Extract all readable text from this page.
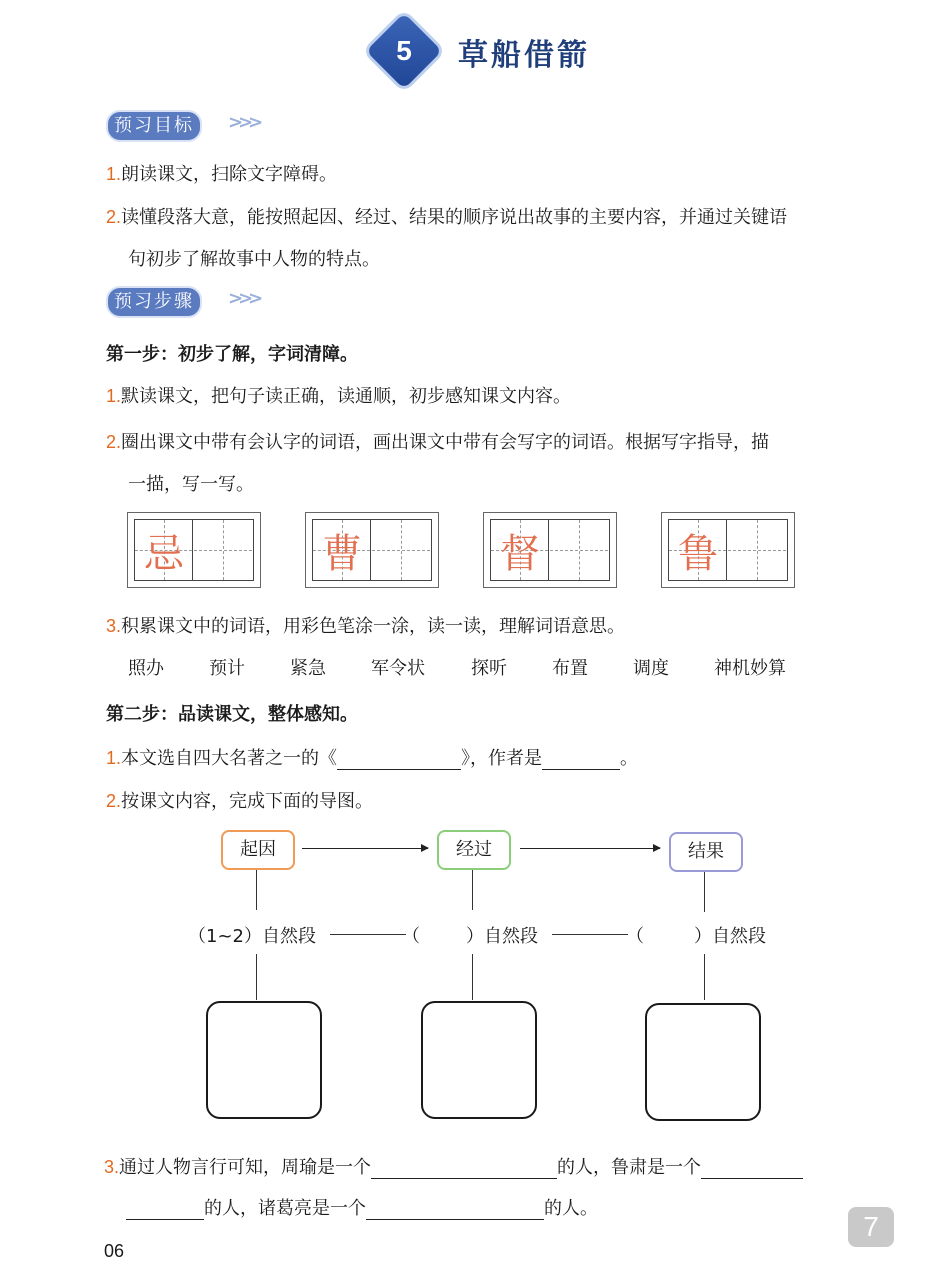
5	草船借箭
预习目标	>>>
1.朗读课文，扫除文字障碍。
2.读懂段落大意，能按照起因、经过、结果的顺序说出故事的主要内容，并通过关键语
句初步了解故事中人物的特点。
预习步骤	>>>
第一步：初步了解，字词清障。
1.默读课文，把句子读正确，读通顺，初步感知课文内容。
2.圈出课文中带有会认字的词语，画出课文中带有会写字的词语。根据写字指导，描
一描，写一写。
忌	曹	督	鲁
3.积累课文中的词语，用彩色笔涂一涂，读一读，理解词语意思。
照办	预计	紧急	军令状	探听	布置	调度	神机妙算
第二步：品读课文，整体感知。
1.本文选自四大名著之一的《	》，作者是	。
2.按课文内容，完成下面的导图。
起因	经过	结果
（1~2）自然段	（	）自然段	（	）自然段
3.通过人物言行可知，周瑜是一个	的人，鲁肃是一个
的人，诸葛亮是一个	的人。
06
7
